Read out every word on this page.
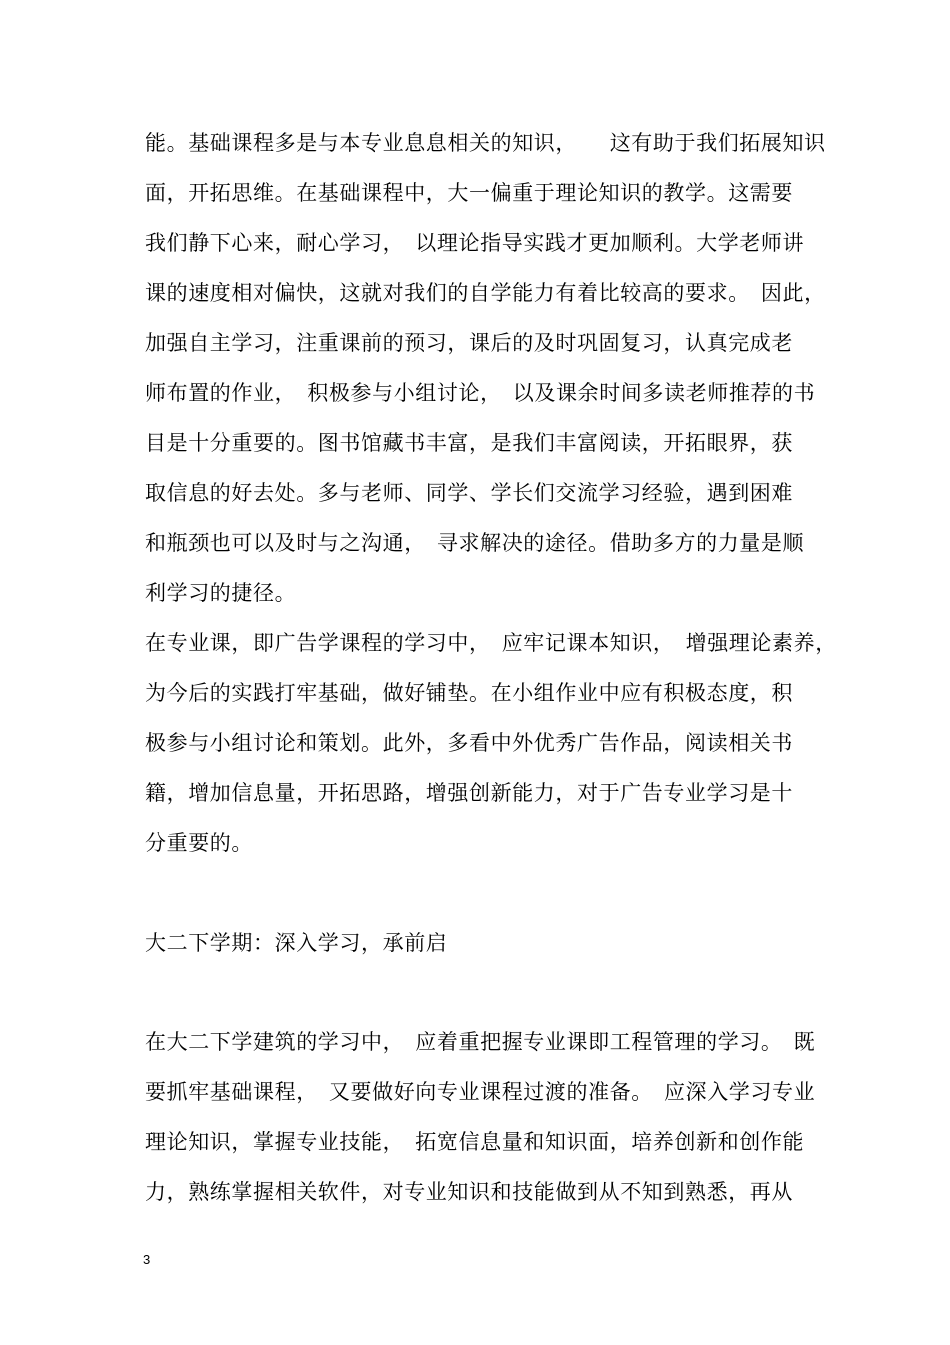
能。基础课程多是与本专业息息相关的知识，　　这有助于我们拓展知识
面，开拓思维。在基础课程中，大一偏重于理论知识的教学。这需要
我们静下心来，耐心学习，　以理论指导实践才更加顺利。大学老师讲
课的速度相对偏快，这就对我们的自学能力有着比较高的要求。　因此，
加强自主学习，注重课前的预习，课后的及时巩固复习，认真完成老
师布置的作业，　积极参与小组讨论，　以及课余时间多读老师推荐的书
目是十分重要的。图书馆藏书丰富，是我们丰富阅读，开拓眼界，获
取信息的好去处。多与老师、同学、学长们交流学习经验，遇到困难
和瓶颈也可以及时与之沟通，　寻求解决的途径。借助多方的力量是顺
利学习的捷径。
在专业课，即广告学课程的学习中，　应牢记课本知识，　增强理论素养，
为今后的实践打牢基础，做好铺垫。在小组作业中应有积极态度，积
极参与小组讨论和策划。此外，多看中外优秀广告作品，阅读相关书
籍，增加信息量，开拓思路，增强创新能力，对于广告专业学习是十
分重要的。
大二下学期：深入学习，承前启
在大二下学建筑的学习中，　应着重把握专业课即工程管理的学习。　既
要抓牢基础课程，　又要做好向专业课程过渡的准备。　应深入学习专业
理论知识，掌握专业技能，　拓宽信息量和知识面，培养创新和创作能
力，熟练掌握相关软件，对专业知识和技能做到从不知到熟悉，再从
3
